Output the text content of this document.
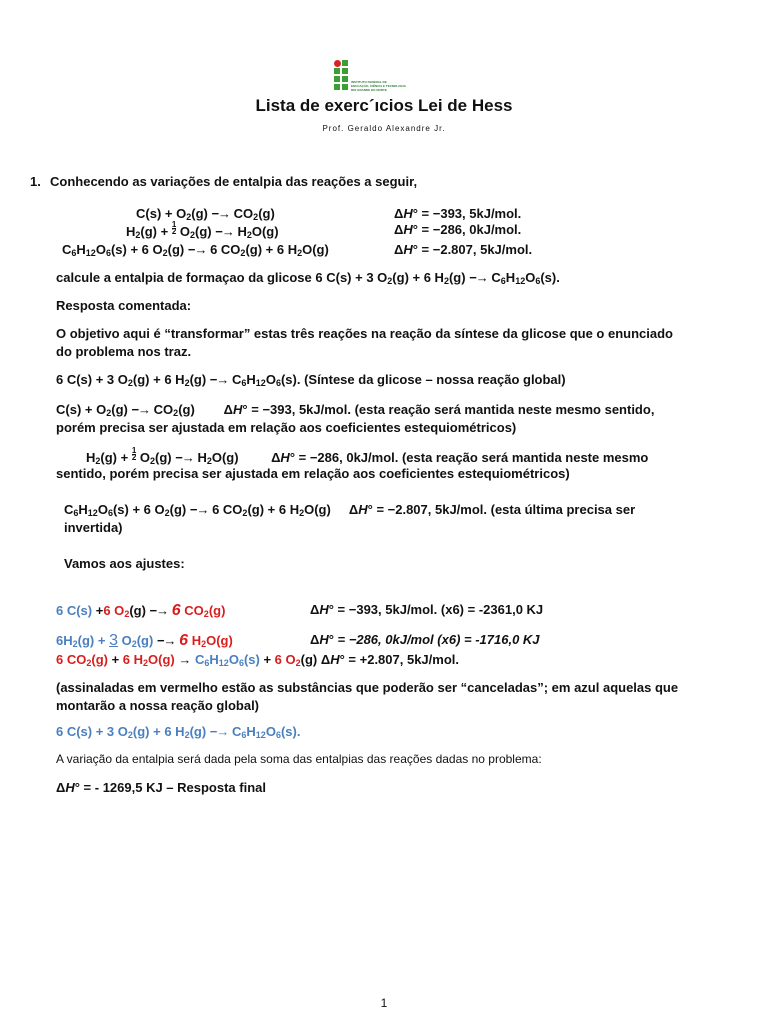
INSTITUTO FEDERAL DE
EDUCAÇÃO, CIÊNCIA E TECNOLOGIA
RIO GRANDE DO NORTE
Lista de exerc´ıcios Lei de Hess
Prof. Geraldo Alexandre Jr.
1. Conhecendo as variações de entalpia das reações a seguir,
$C(s) + O_2(g) -\to CO_2(g)$	ΔH° = −393, 5kJ/mol.
$H_2(g) + \frac{1}{2} O_2(g) -\to H_2O(g)$	ΔH° = −286, 0kJ/mol.
$C_6H_{12}O_6(s) + 6$ $O_2(g) -\to 6$ $CO_2(g) + 6$ $H_2O(g)$	ΔH° = −2.807, 5kJ/mol.
calcule a entalpia de formaçao da glicose 6 C(s) + 3 $O_2(g) + 6$ $H_2(g) -\to C_6H_{12}O_6(s)$.
Resposta comentada:
O objetivo aqui é “transformar” estas três reações na reação da síntese da glicose que o enunciado
do problema nos traz.
6 C(s) + 3 $O_2(g) + 6$ $H_2(g) -\to C_6H_{12}O_6(s)$. (Síntese da glicose – nossa reação global)
$C(s) + O_2(g) -\to CO_2(g)$        ΔH° = −393, 5kJ/mol. (esta reação será mantida neste mesmo sentido,
porém precisa ser ajustada em relação aos coeficientes estequiométricos)
$H_2(g) + \frac{1}{2} O_2(g) -\to H_2O(g)$         ΔH° = −286, 0kJ/mol. (esta reação será mantida neste mesmo
sentido, porém precisa ser ajustada em relação aos coeficientes estequiométricos)
$C_6H_{12}O_6(s) + 6$ $O_2(g) -\to 6$ $CO_2(g) + 6$ $H_2O(g)$     ΔH° = −2.807, 5kJ/mol. (esta última precisa ser
invertida)
Vamos aos ajustes:
6 C(s) +6 $O_2(g) -\to 6$ $CO_2(g)$	ΔH° = −393, 5kJ/mol. (x6) = -2361,0 KJ
$6H_2(g) + 3$ $O_2(g) -\to 6$ $H_2O(g)$	ΔH° = −286, 0kJ/mol (x6) = -1716,0 KJ
6 $CO_2(g) + 6$ $H_2O(g) \to C_6H_{12}O_6(s) + 6$ $O_2(g) \Delta H^\circ = +2.807$, 5kJ/mol.
(assinaladas em vermelho estão as substâncias que poderão ser “canceladas”; em azul aquelas que
montarão a nossa reação global)
6 C(s) + 3 $O_2(g) + 6$ $H_2(g) -\to C_6H_{12}O_6(s)$.
A variação da entalpia será dada pela soma das entalpias das reações dadas no problema:
ΔH° = - 1269,5 KJ – Resposta final
1
